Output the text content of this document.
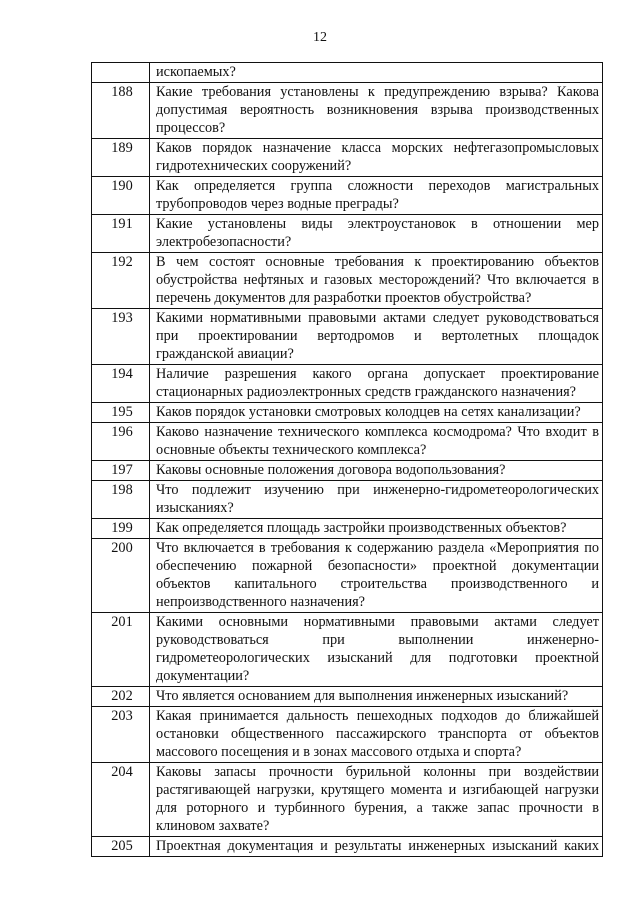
12
	ископаемых?
188	Какие требования установлены к предупреждению взрыва? Какова допустимая вероятность возникновения взрыва производственных процессов?
189	Каков порядок назначение класса морских нефтегазопромысловых гидротехнических сооружений?
190	Как определяется группа сложности переходов магистральных трубопроводов через водные преграды?
191	Какие установлены виды электроустановок в отношении мер электробезопасности?
192	В чем состоят основные требования к проектированию объектов обустройства нефтяных и газовых месторождений? Что включается в перечень документов для разработки проектов обустройства?
193	Какими нормативными правовыми актами следует руководствоваться при проектировании вертодромов и вертолетных площадок гражданской авиации?
194	Наличие разрешения какого органа допускает проектирование стационарных радиоэлектронных средств гражданского назначения?
195	Каков порядок установки смотровых колодцев на сетях канализации?
196	Каково назначение технического комплекса космодрома? Что входит в основные объекты технического комплекса?
197	Каковы основные положения договора водопользования?
198	Что подлежит изучению при инженерно-гидрометеорологических изысканиях?
199	Как определяется площадь застройки производственных объектов?
200	Что включается в требования к содержанию раздела «Мероприятия по обеспечению пожарной безопасности» проектной документации объектов капитального строительства производственного и непроизводственного назначения?
201	Какими основными нормативными правовыми актами следует руководствоваться при выполнении инженерно-гидрометеорологических изысканий для подготовки проектной документации?
202	Что является основанием для выполнения инженерных изысканий?
203	Какая принимается дальность пешеходных подходов до ближайшей остановки общественного пассажирского транспорта от объектов массового посещения и в зонах массового отдыха и спорта?
204	Каковы запасы прочности бурильной колонны при воздействии растягивающей нагрузки, крутящего момента и изгибающей нагрузки для роторного и турбинного бурения, а также запас прочности в клиновом захвате?
205	Проектная документация и результаты инженерных изысканий каких
